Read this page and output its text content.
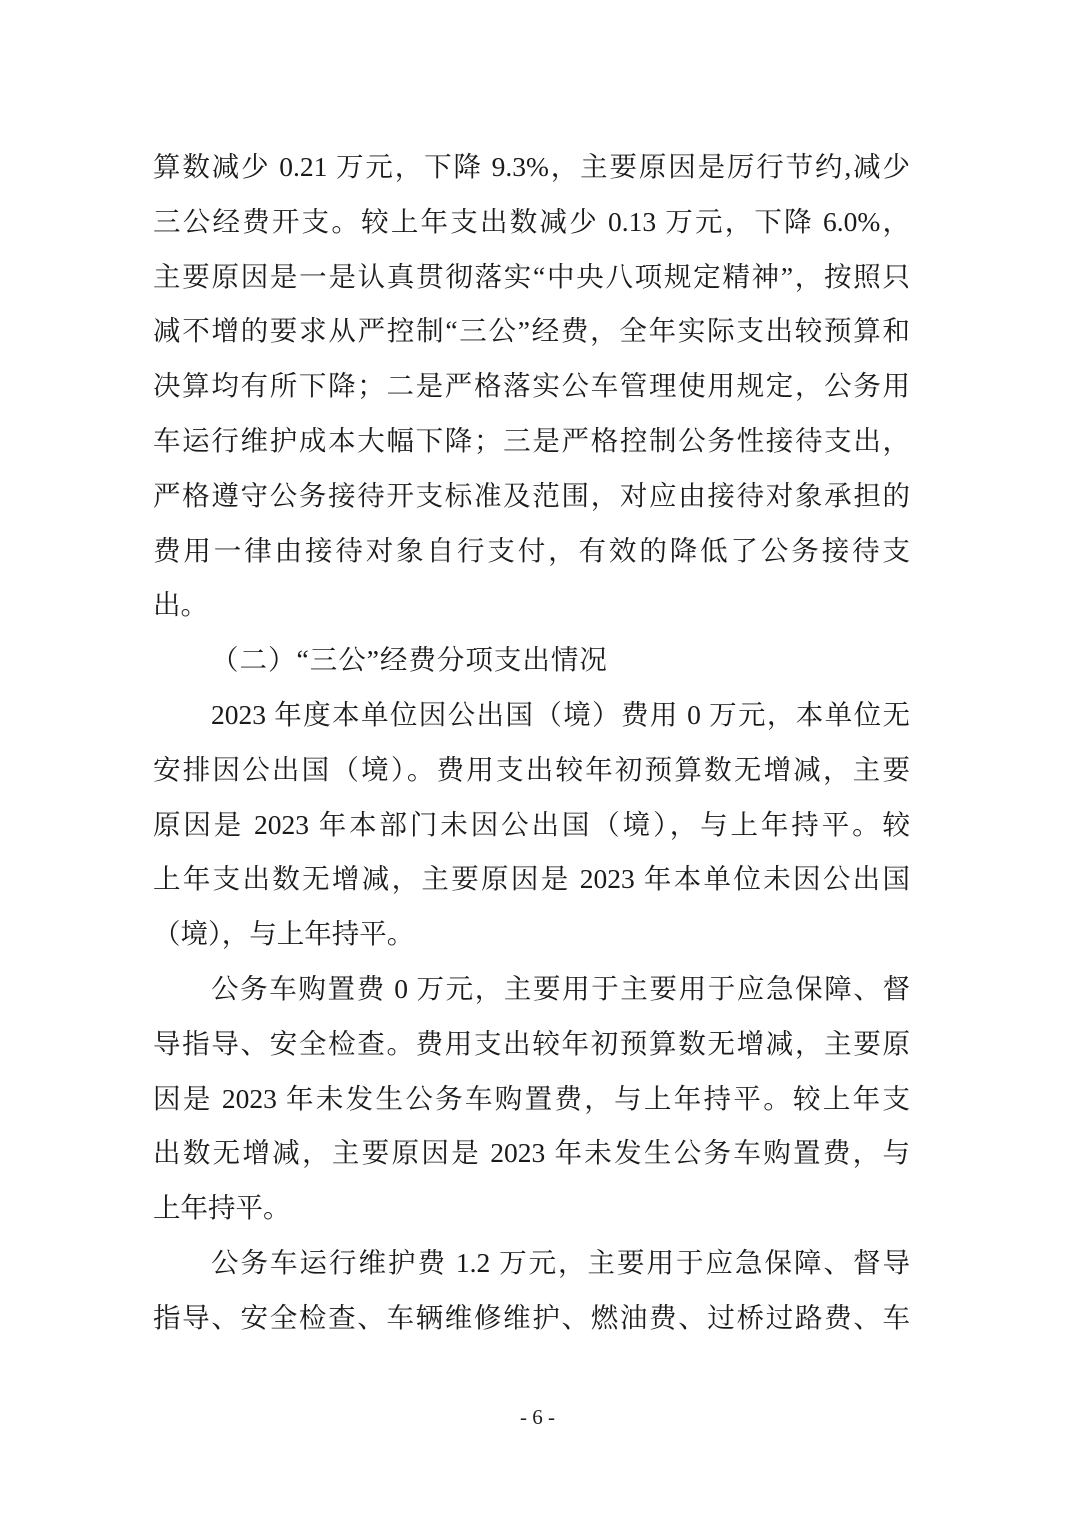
算数减少 0.21 万元，下降 9.3%，主要原因是厉行节约,减少
三公经费开支。较上年支出数减少 0.13 万元，下降 6.0%，
主要原因是一是认真贯彻落实“中央八项规定精神”，按照只
减不增的要求从严控制“三公”经费，全年实际支出较预算和
决算均有所下降；二是严格落实公车管理使用规定，公务用
车运行维护成本大幅下降；三是严格控制公务性接待支出，
严格遵守公务接待开支标准及范围，对应由接待对象承担的
费用一律由接待对象自行支付，有效的降低了公务接待支
出。
（二）“三公”经费分项支出情况
2023 年度本单位因公出国（境）费用 0 万元，本单位无
安排因公出国（境）。费用支出较年初预算数无增减，主要
原因是 2023 年本部门未因公出国（境），与上年持平。较
上年支出数无增减，主要原因是 2023 年本单位未因公出国
（境），与上年持平。
公务车购置费 0 万元，主要用于主要用于应急保障、督
导指导、安全检查。费用支出较年初预算数无增减，主要原
因是 2023 年未发生公务车购置费，与上年持平。较上年支
出数无增减，主要原因是 2023 年未发生公务车购置费，与
上年持平。
公务车运行维护费 1.2 万元，主要用于应急保障、督导
指导、安全检查、车辆维修维护、燃油费、过桥过路费、车
- 6 -
